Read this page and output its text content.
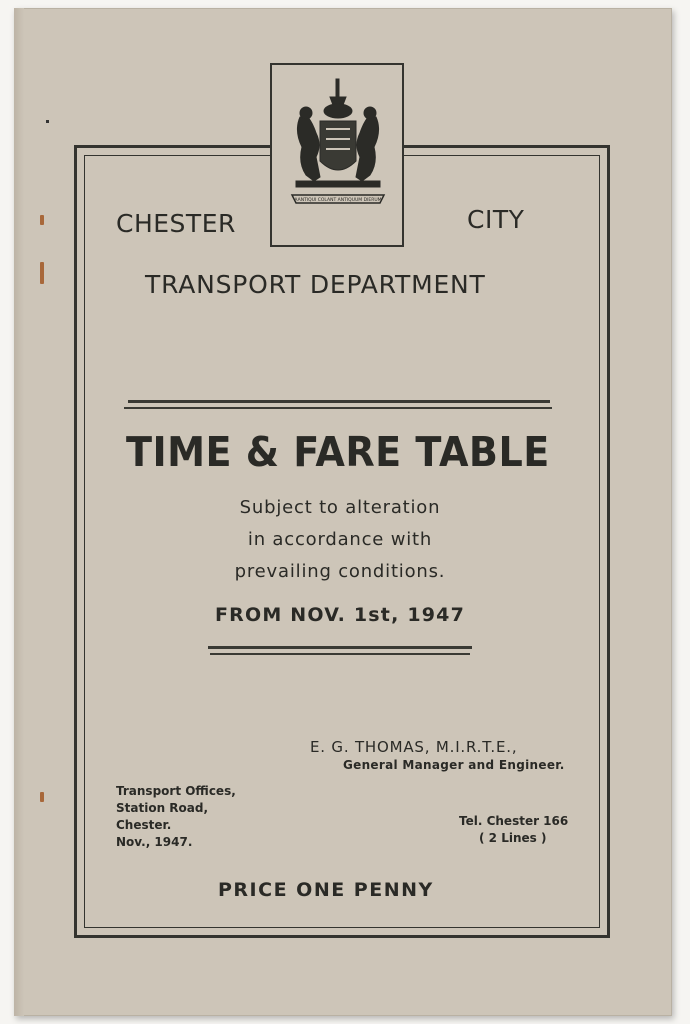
AANTIQUI COLANT ANTIQUUM DIERUM
CHESTER	CITY
TRANSPORT DEPARTMENT
TIME & FARE TABLE
Subject to alteration
in accordance with
prevailing conditions.
FROM NOV. 1st, 1947
E. G. THOMAS, M.I.R.T.E.,
General Manager and Engineer.
Transport Offices,
Station Road,
Chester.
Nov., 1947.
Tel. Chester 166
( 2 Lines )
PRICE ONE PENNY
